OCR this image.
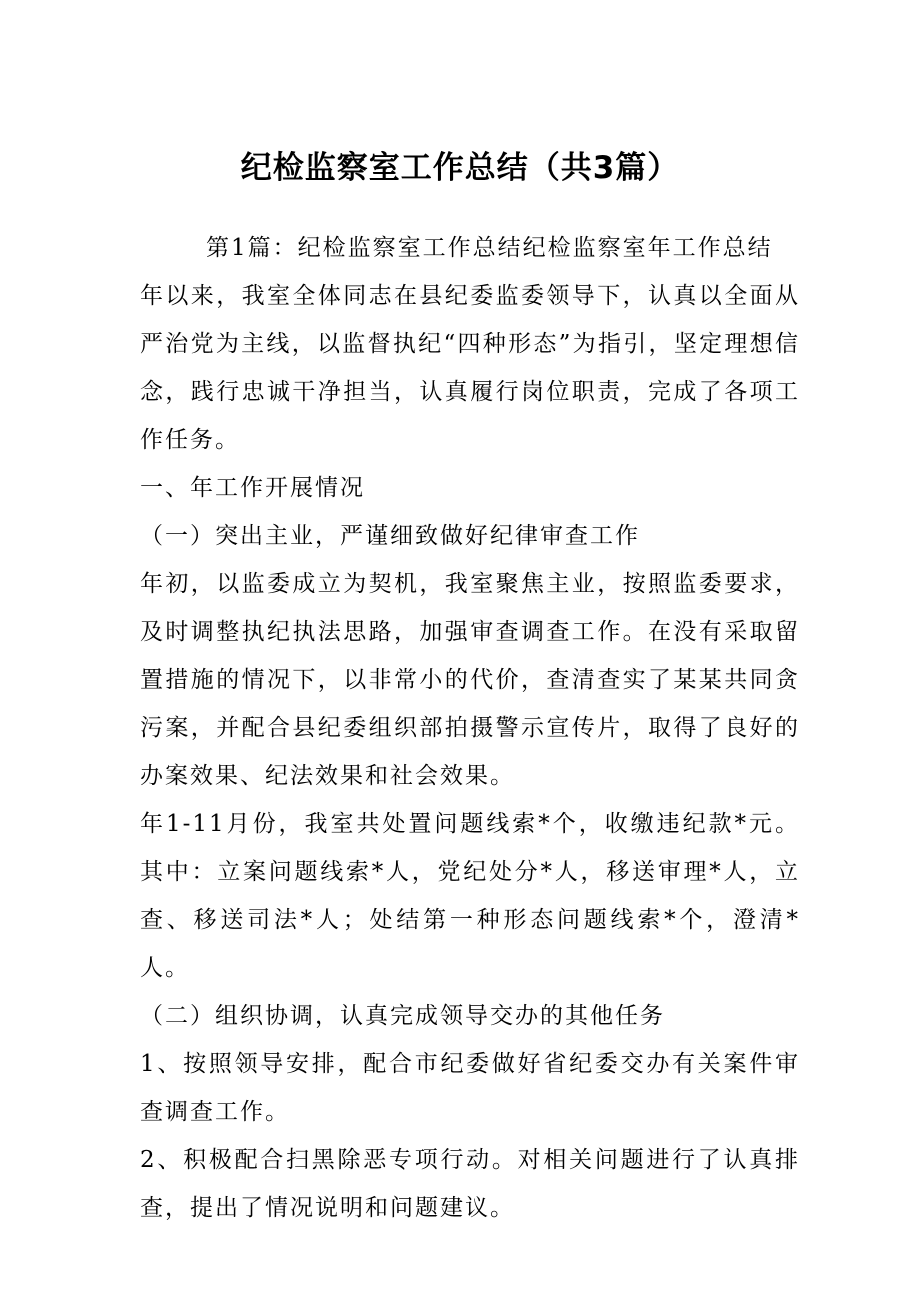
纪检监察室工作总结（共3篇）

第1篇：纪检监察室工作总结纪检监察室年工作总结

年以来，我室全体同志在县纪委监委领导下，认真以全面从严治党为主线，以监督执纪“四种形态”为指引，坚定理想信念，践行忠诚干净担当，认真履行岗位职责，完成了各项工作任务。

一、年工作开展情况

（一）突出主业，严谨细致做好纪律审查工作

年初，以监委成立为契机，我室聚焦主业，按照监委要求，及时调整执纪执法思路，加强审查调查工作。在没有采取留置措施的情况下，以非常小的代价，查清查实了某某共同贪污案，并配合县纪委组织部拍摄警示宣传片，取得了良好的办案效果、纪法效果和社会效果。

年1-11月份，我室共处置问题线索*个，收缴违纪款*元。其中：立案问题线索*人，党纪处分*人，移送审理*人，立查、移送司法*人；处结第一种形态问题线索*个，澄清*人。

（二）组织协调，认真完成领导交办的其他任务

1、按照领导安排，配合市纪委做好省纪委交办有关案件审查调查工作。

2、积极配合扫黑除恶专项行动。对相关问题进行了认真排查，提出了情况说明和问题建议。
